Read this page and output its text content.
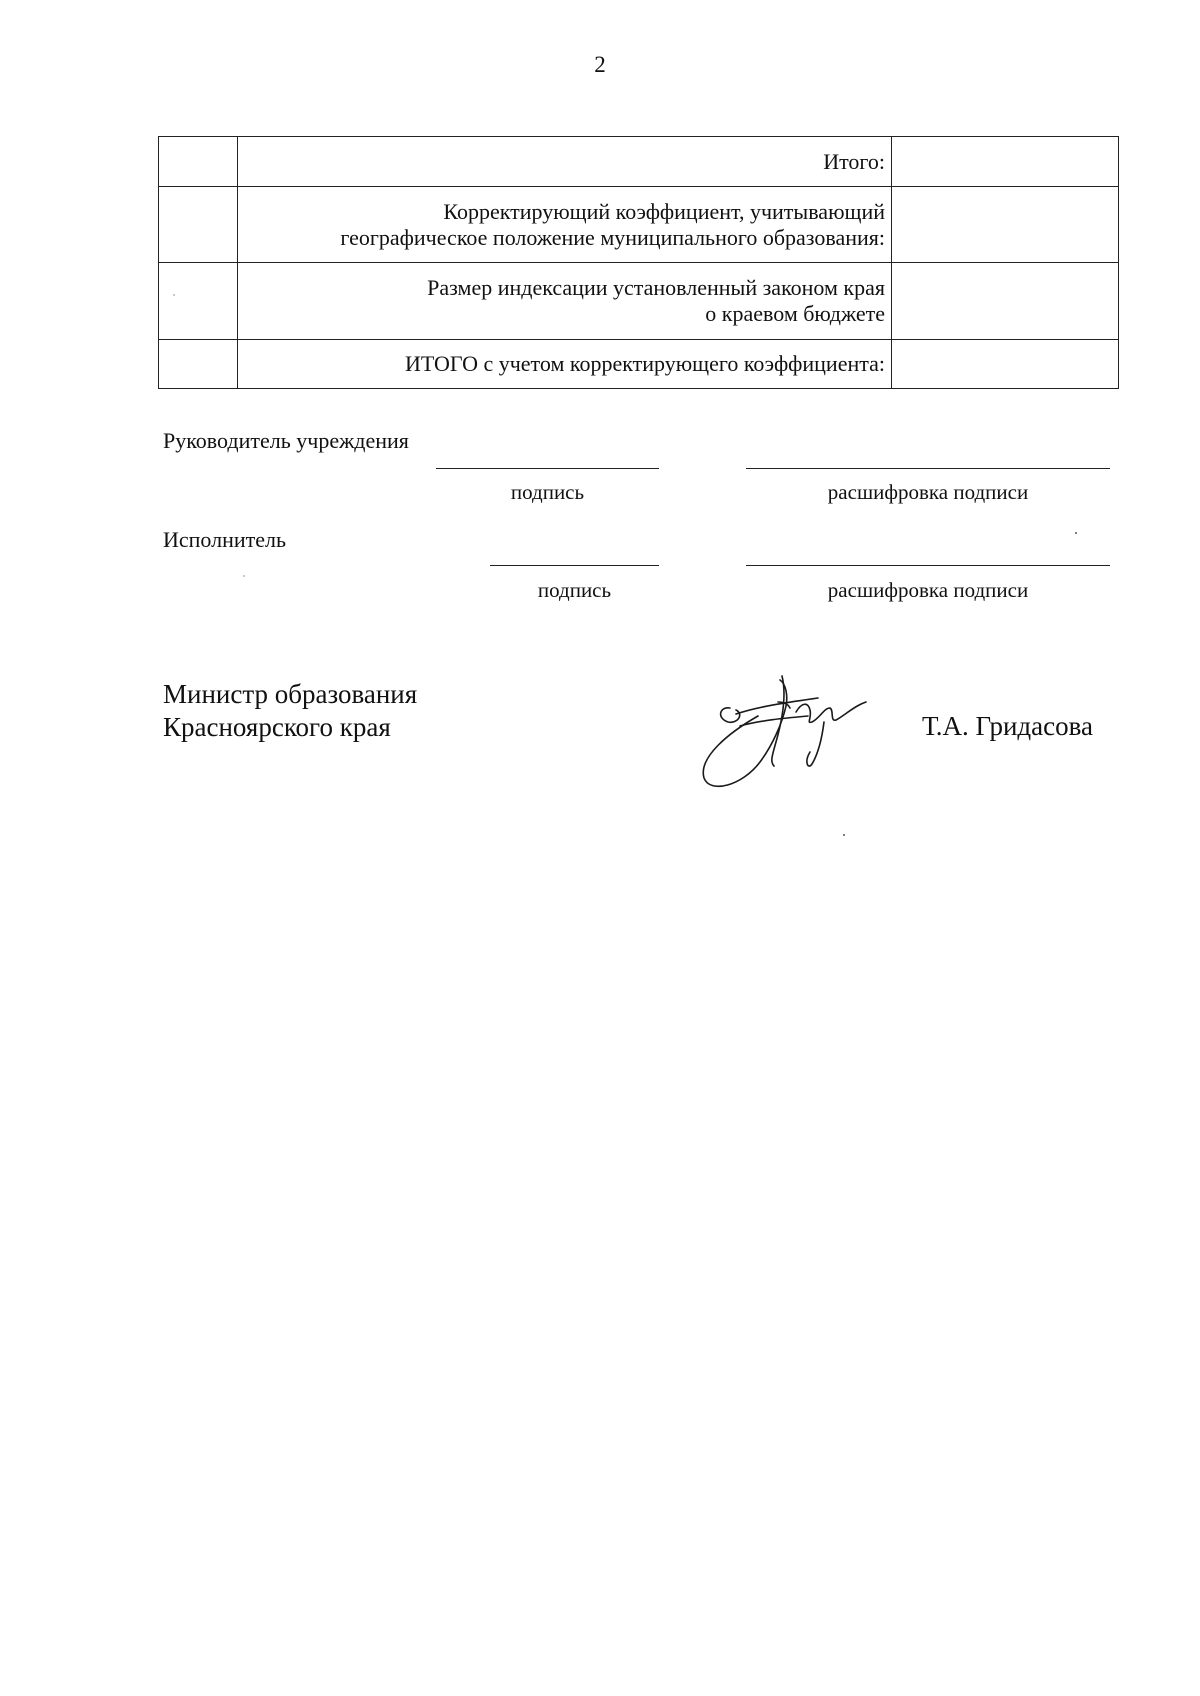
2
	Итого:	

	Корректирующий коэффициент, учитывающий
географическое положение муниципального образования:	

	Размер индексации установленный законом края
о краевом бюджете	

	ИТОГО с учетом корректирующего коэффициента:	
Руководитель учреждения
подпись	расшифровка подписи
Исполнитель
подпись	расшифровка подписи
Министр образования
Красноярского края	Т.А. Гридасова
